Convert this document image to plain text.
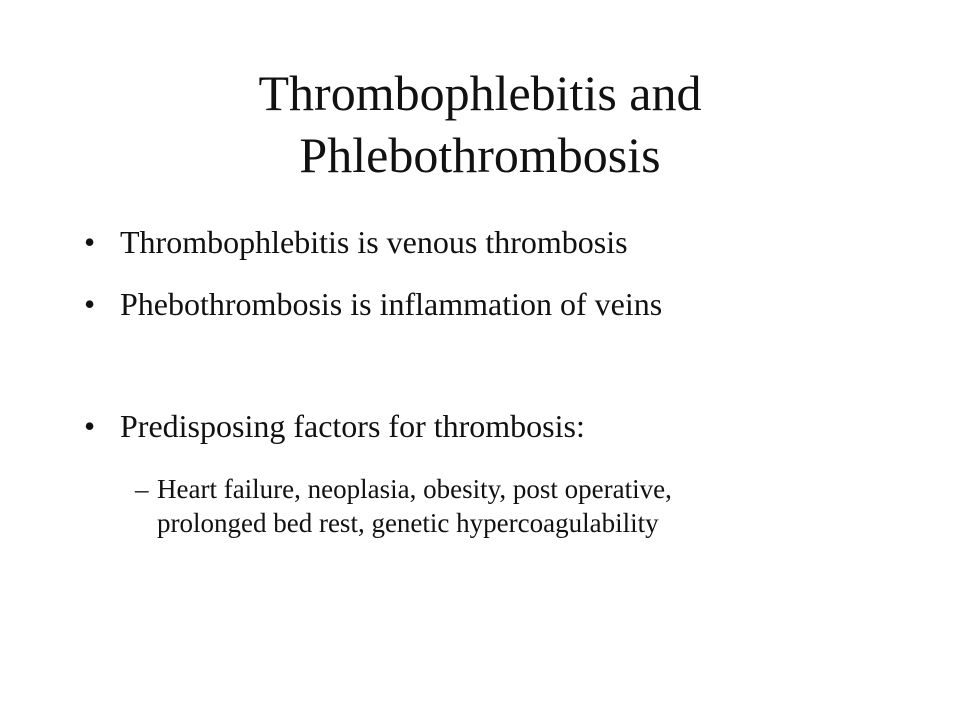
Thrombophlebitis and
Phlebothrombosis
• Thrombophlebitis is venous thrombosis
• Phebothrombosis is inflammation of veins
• Predisposing factors for thrombosis:
– Heart failure, neoplasia, obesity, post operative,
prolonged bed rest, genetic hypercoagulability
